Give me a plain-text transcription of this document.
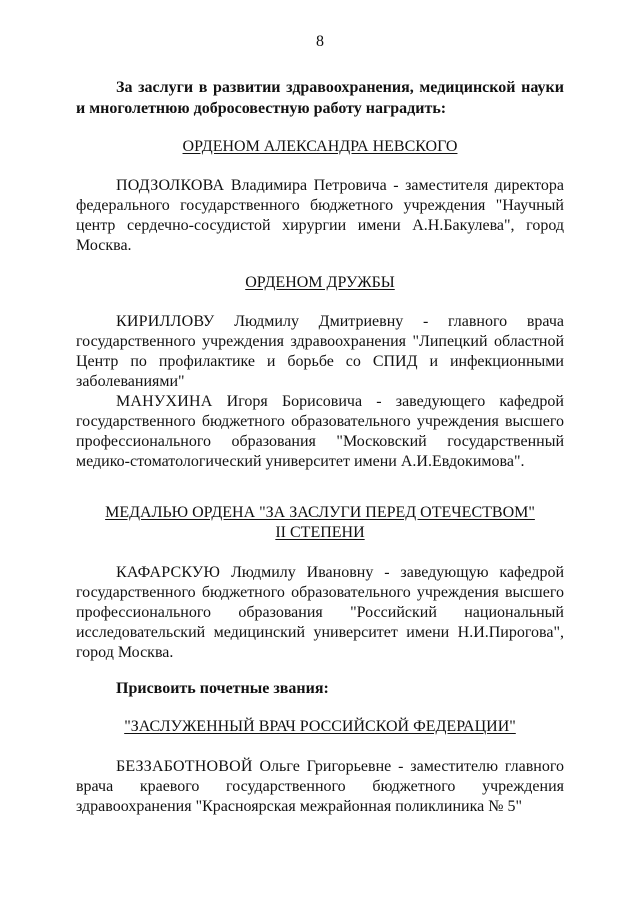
8
За заслуги в развитии здравоохранения, медицинской науки и многолетнюю добросовестную работу наградить:
ОРДЕНОМ АЛЕКСАНДРА НЕВСКОГО
ПОДЗОЛКОВА Владимира Петровича - заместителя директора федерального государственного бюджетного учреждения "Научный центр сердечно-сосудистой хирургии имени А.Н.Бакулева", город Москва.
ОРДЕНОМ ДРУЖБЫ
КИРИЛЛОВУ Людмилу Дмитриевну - главного врача государственного учреждения здравоохранения "Липецкий областной Центр по профилактике и борьбе со СПИД и инфекционными заболеваниями"
МАНУХИНА Игоря Борисовича - заведующего кафедрой государственного бюджетного образовательного учреждения высшего профессионального образования "Московский государственный медико-стоматологический университет имени А.И.Евдокимова".
МЕДАЛЬЮ ОРДЕНА "ЗА ЗАСЛУГИ ПЕРЕД ОТЕЧЕСТВОМ"
II СТЕПЕНИ
КАФАРСКУЮ Людмилу Ивановну - заведующую кафедрой государственного бюджетного образовательного учреждения высшего профессионального образования "Российский национальный исследовательский медицинский университет имени Н.И.Пирогова", город Москва.
Присвоить почетные звания:
"ЗАСЛУЖЕННЫЙ ВРАЧ РОССИЙСКОЙ ФЕДЕРАЦИИ"
БЕЗЗАБОТНОВОЙ Ольге Григорьевне - заместителю главного врача краевого государственного бюджетного учреждения здравоохранения "Красноярская межрайонная поликлиника № 5"
